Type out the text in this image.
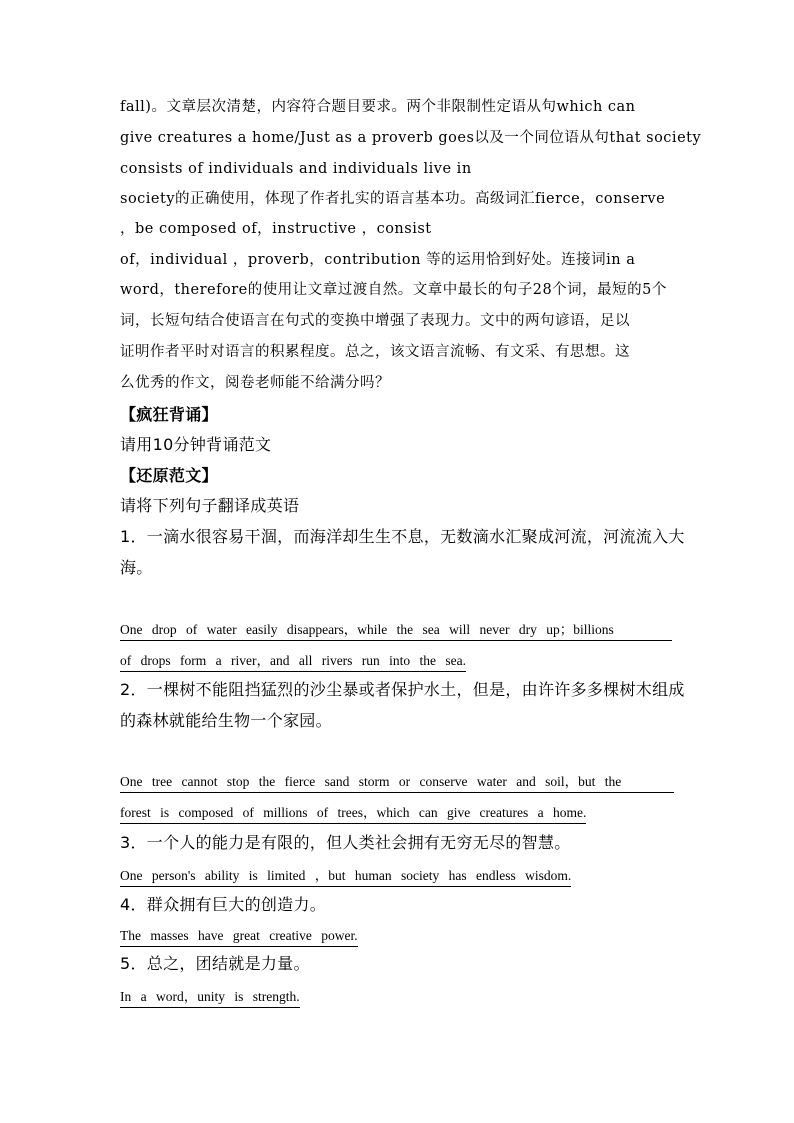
fall)。文章层次清楚，内容符合题目要求。两个非限制性定语从句which can
give creatures a home/Just as a proverb goes以及一个同位语从句that society
consists of individuals and individuals live in
society的正确使用，体现了作者扎实的语言基本功。高级词汇fierce，conserve
，be composed of，instructive ，consist
of，individual ，proverb，contribution 等的运用恰到好处。连接词in a
word，therefore的使用让文章过渡自然。文章中最长的句子28个词，最短的5个
词，长短句结合使语言在句式的变换中增强了表现力。文中的两句谚语，足以
证明作者平时对语言的积累程度。总之，该文语言流畅、有文采、有思想。这
么优秀的作文，阅卷老师能不给满分吗？
【疯狂背诵】
请用10分钟背诵范文
【还原范文】
请将下列句子翻译成英语
1．一滴水很容易干涸，而海洋却生生不息，无数滴水汇聚成河流，河流流入大
海。
One drop of water easily disappears，while the sea will never dry up；billions
of drops form a river，and all rivers run into the sea.
2．一棵树不能阻挡猛烈的沙尘暴或者保护水土，但是，由许许多多棵树木组成
的森林就能给生物一个家园。
One tree cannot stop the fierce sand storm or conserve water and soil，but the
forest is composed of millions of trees，which can give creatures a home.
3．一个人的能力是有限的，但人类社会拥有无穷无尽的智慧。
One person's ability is limited ，but human society has endless wisdom.
4．群众拥有巨大的创造力。
The masses have great creative power.
5．总之，团结就是力量。
In a word，unity is strength.
